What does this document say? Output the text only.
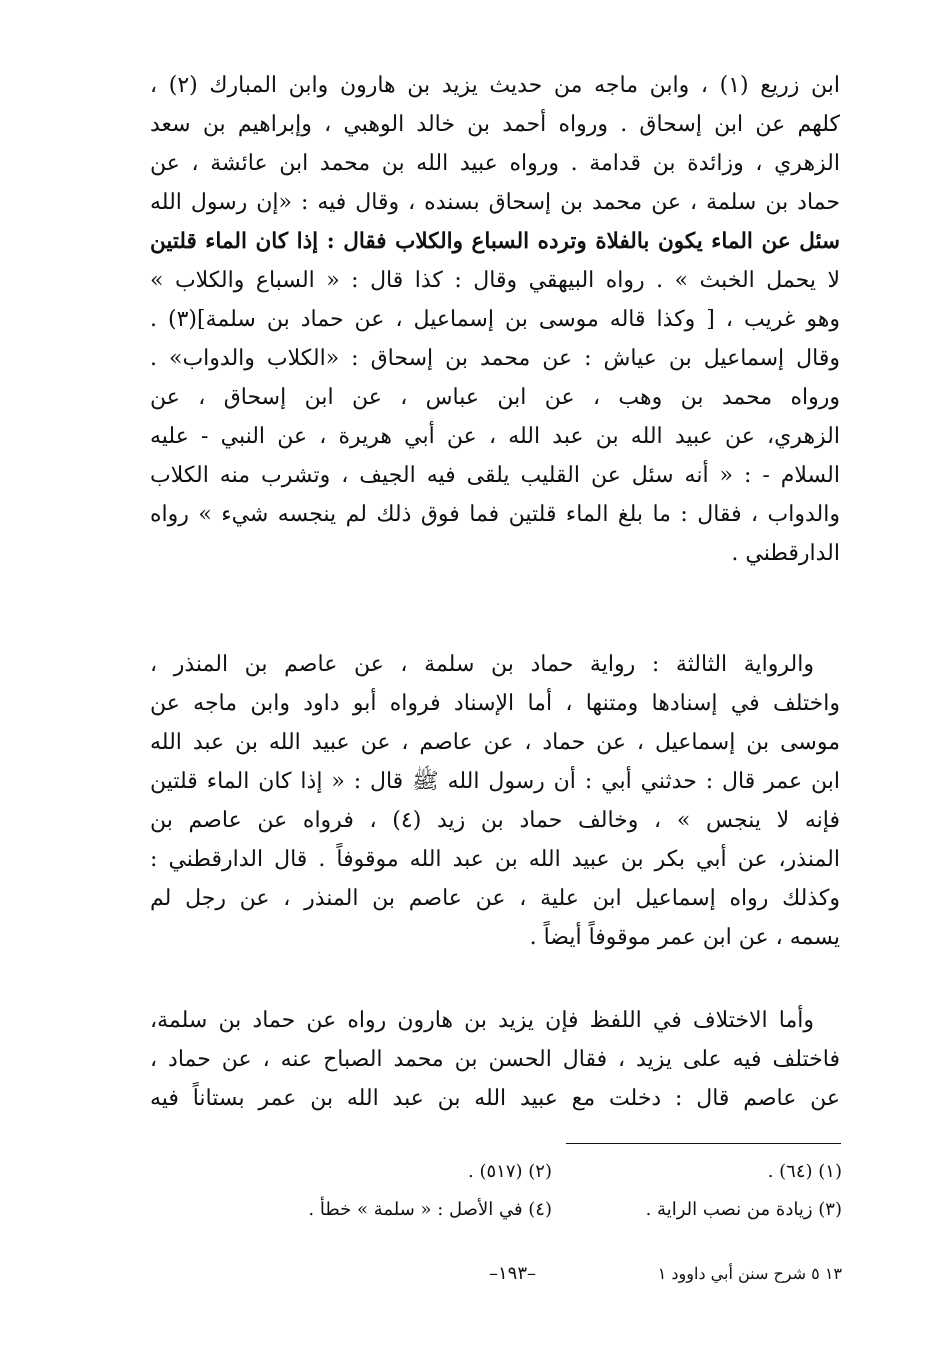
ابن زريع (١) ، وابن ماجه من حديث يزيد بن هارون وابن المبارك (٢) ،
كلهم عن ابن إسحاق . ورواه أحمد بن خالد الوهبي ، وإبراهيم بن سعد
الزهري ، وزائدة بن قدامة . ورواه عبيد الله بن محمد ابن عائشة ، عن
حماد بن سلمة ، عن محمد بن إسحاق بسنده ، وقال فيه : «إن رسول الله
سئل عن الماء يكون بالفلاة وترده السباع والكلاب فقال : إذا كان الماء قلتين
لا يحمل الخبث » . رواه البيهقي وقال : كذا قال : « السباع والكلاب »
وهو غريب ، [ وكذا قاله موسى بن إسماعيل ، عن حماد بن سلمة](٣) .
وقال إسماعيل بن عياش : عن محمد بن إسحاق : «الكلاب والدواب» .
ورواه محمد بن وهب ، عن ابن عباس ، عن ابن إسحاق ، عن
الزهري، عن عبيد الله بن عبد الله ، عن أبي هريرة ، عن النبي - عليه
السلام - : « أنه سئل عن القليب يلقى فيه الجيف ، وتشرب منه الكلاب
والدواب ، فقال : ما بلغ الماء قلتين فما فوق ذلك لم ينجسه شيء » رواه
الدارقطني .
والرواية الثالثة : رواية حماد بن سلمة ، عن عاصم بن المنذر ،
واختلف في إسنادها ومتنها ، أما الإسناد فرواه أبو داود وابن ماجه عن
موسى بن إسماعيل ، عن حماد ، عن عاصم ، عن عبيد الله بن عبد الله
ابن عمر قال : حدثني أبي : أن رسول الله ﷺ قال : « إذا كان الماء قلتين
فإنه لا ينجس » ، وخالف حماد بن زيد (٤) ، فرواه عن عاصم بن
المنذر، عن أبي بكر بن عبيد الله بن عبد الله موقوفاً . قال الدارقطني :
وكذلك رواه إسماعيل ابن علية ، عن عاصم بن المنذر ، عن رجل لم
يسمه ، عن ابن عمر موقوفاً أيضاً .
وأما الاختلاف في اللفظ فإن يزيد بن هارون رواه عن حماد بن سلمة،
فاختلف فيه على يزيد ، فقال الحسن بن محمد الصباح عنه ، عن حماد ،
عن عاصم قال : دخلت مع عبيد الله بن عبد الله بن عمر بستاناً فيه
(١) (٦٤) .
(٢) (٥١٧) .
(٣) زيادة من نصب الراية .
(٤) في الأصل : « سلمة » خطأ .
١٣ ٥ شرح سنن أبي داوود ١
–١٩٣–
